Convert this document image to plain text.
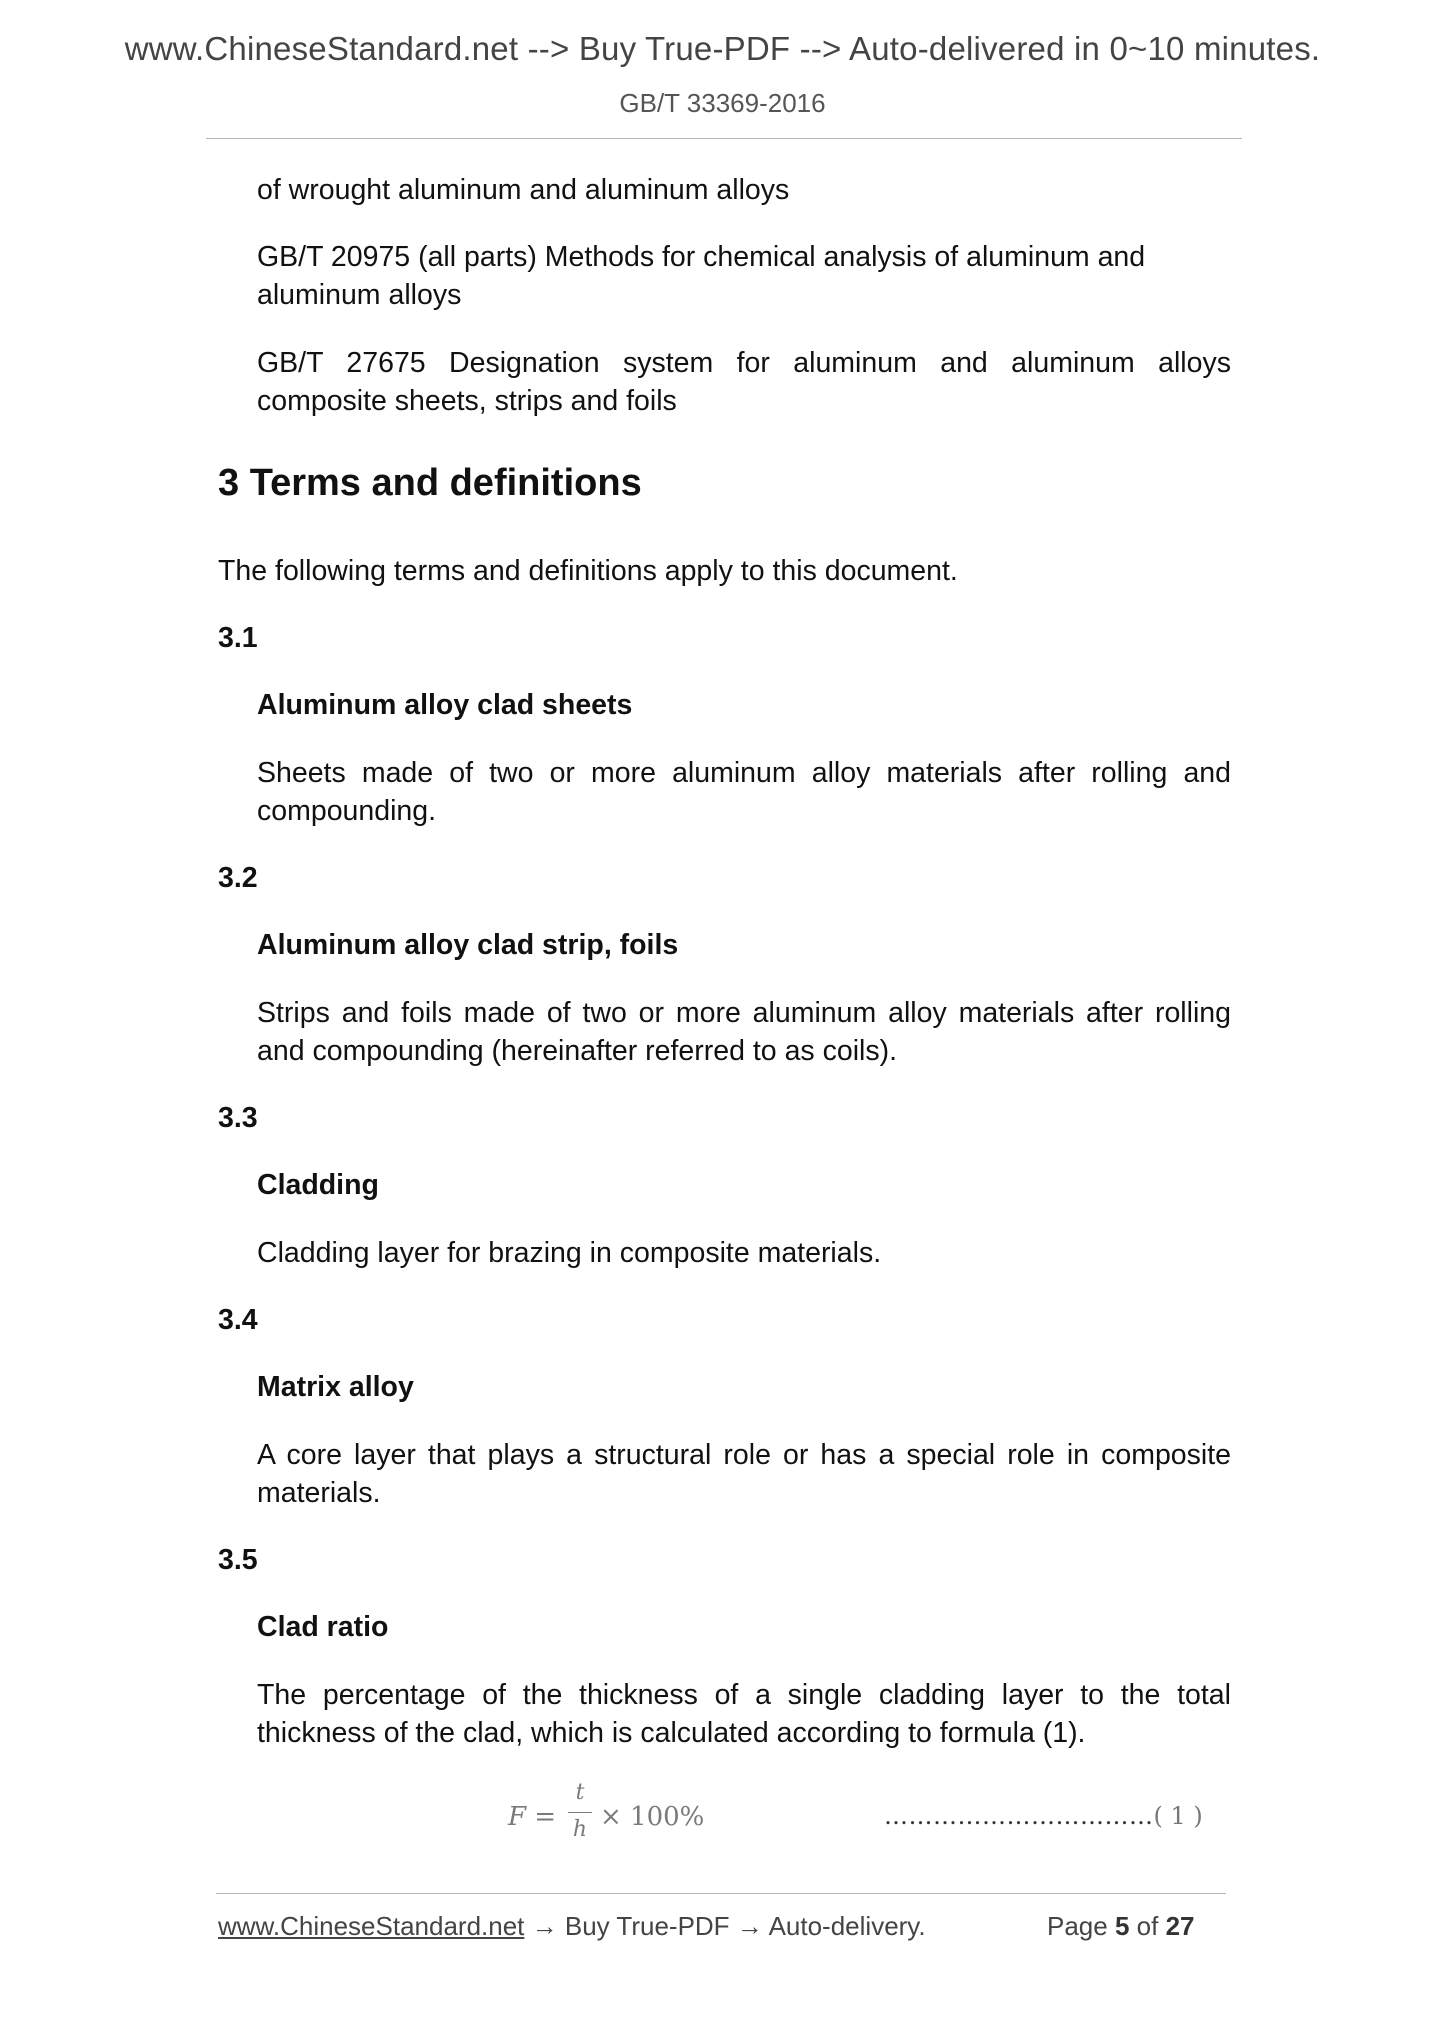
www.ChineseStandard.net --> Buy True-PDF --> Auto-delivered in 0~10 minutes.
GB/T 33369-2016

of wrought aluminum and aluminum alloys

GB/T 20975 (all parts) Methods for chemical analysis of aluminum and

aluminum alloys

GB/T 27675 Designation system for aluminum and aluminum alloys

composite sheets, strips and foils

3 Terms and definitions

The following terms and definitions apply to this document.

3.1

Aluminum alloy clad sheets

Sheets made of two or more aluminum alloy materials after rolling and

compounding.

3.2

Aluminum alloy clad strip, foils

Strips and foils made of two or more aluminum alloy materials after rolling

and compounding (hereinafter referred to as coils).

3.3

Cladding

Cladding layer for brazing in composite materials.

3.4

Matrix alloy

A core layer that plays a structural role or has a special role in composite

materials.

3.5

Clad ratio

The percentage of the thickness of a single cladding layer to the total

thickness of the clad, which is calculated according to formula (1).

F =
t
h × 100%	……………………………( 1 )
www.ChineseStandard.net → Buy True-PDF → Auto-delivery.	Page 5 of 27
